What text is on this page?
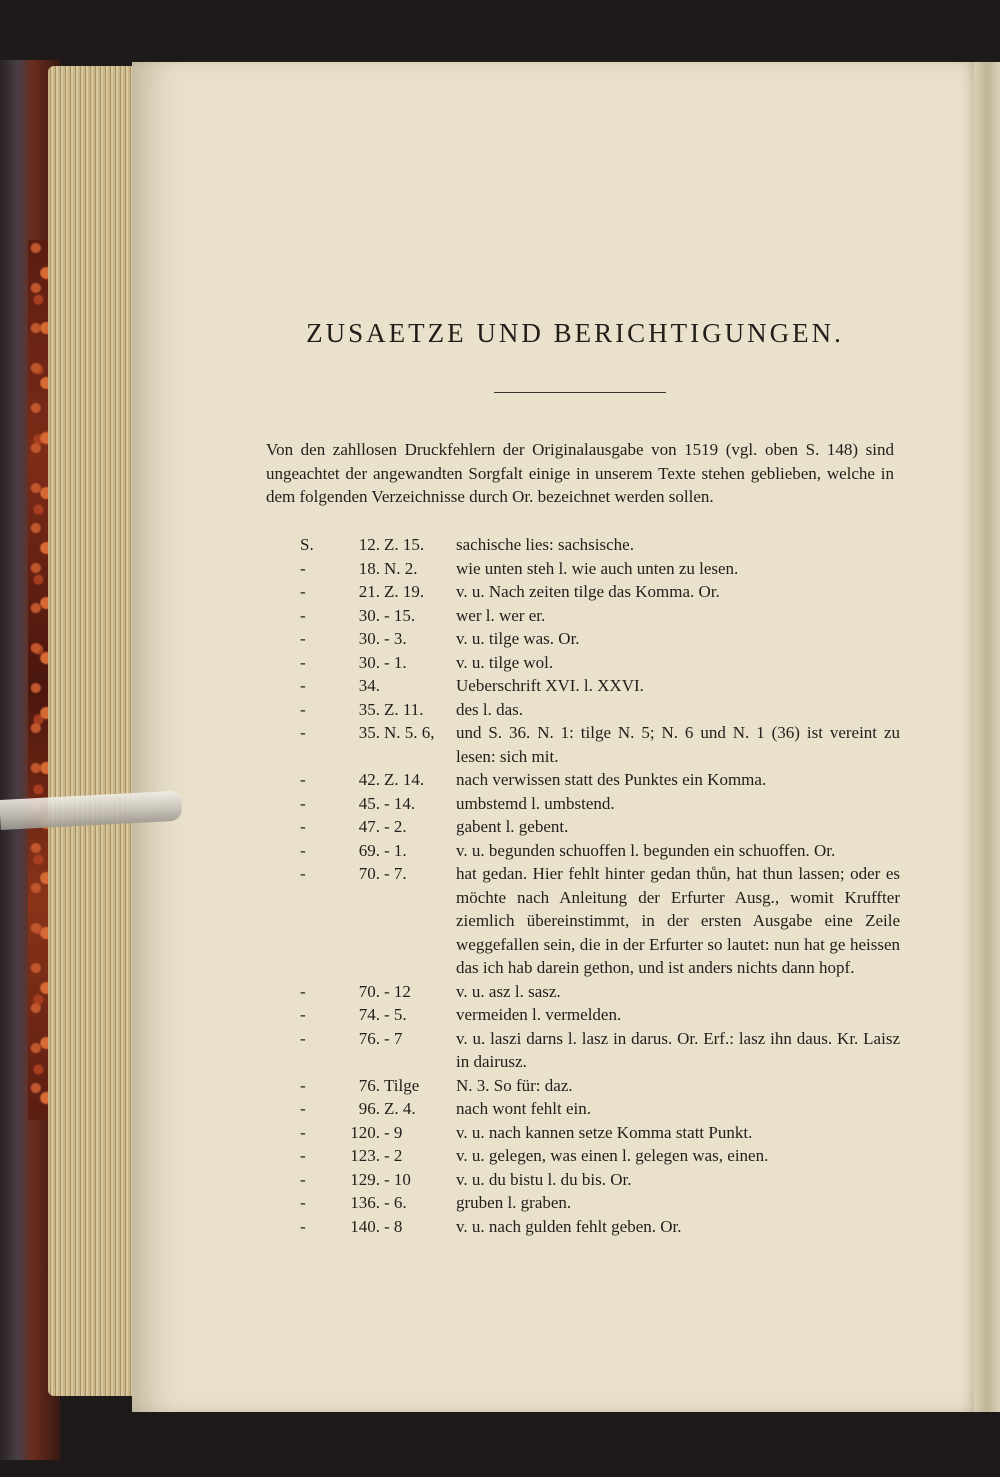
ZUSAETZE UND BERICHTIGUNGEN.
Von den zahllosen Druckfehlern der Originalausgabe von 1519 (vgl. oben S. 148) sind ungeachtet der angewandten Sorgfalt einige in unserem Texte stehen geblieben, welche in dem folgenden Verzeichnisse durch Or. bezeichnet werden sollen.
S.	12. Z. 15.	sachische lies: sachsische.
-	18. N. 2.	wie unten steh l. wie auch unten zu lesen.
-	21. Z. 19.	v. u. Nach zeiten tilge das Komma. Or.
-	30. - 15.	wer l. wer er.
-	30. - 3.	v. u. tilge was. Or.
-	30. - 1.	v. u. tilge wol.
-	34.	Ueberschrift XVI. l. XXVI.
-	35. Z. 11.	des l. das.
-	35. N. 5. 6,	und S. 36. N. 1: tilge N. 5; N. 6 und N. 1 (36) ist vereint zu lesen: sich mit.
-	42. Z. 14.	nach verwissen statt des Punktes ein Komma.
-	45. - 14.	umbstemd l. umbstend.
-	47. - 2.	gabent l. gebent.
-	69. - 1.	v. u. begunden schuoffen l. begunden ein schuoffen. Or.
-	70. - 7.	hat gedan. Hier fehlt hinter gedan thůn, hat thun lassen; oder es möchte nach Anleitung der Erfurter Ausg., womit Kruffter ziemlich übereinstimmt, in der ersten Ausgabe eine Zeile weggefallen sein, die in der Erfurter so lautet: nun hat ge heissen das ich hab darein gethon, und ist anders nichts dann hopf.
-	70. - 12	v. u. asz l. sasz.
-	74. - 5.	vermeiden l. vermelden.
-	76. - 7	v. u. laszi darns l. lasz in darus. Or. Erf.: lasz ihn daus. Kr. Laisz in dairusz.
-	76. Tilge	N. 3. So für: daz.
-	96. Z. 4.	nach wont fehlt ein.
-	120. - 9	v. u. nach kannen setze Komma statt Punkt.
-	123. - 2	v. u. gelegen, was einen l. gelegen was, einen.
-	129. - 10	v. u. du bistu l. du bis. Or.
-	136. - 6.	gruben l. graben.
-	140. - 8	v. u. nach gulden fehlt geben. Or.
